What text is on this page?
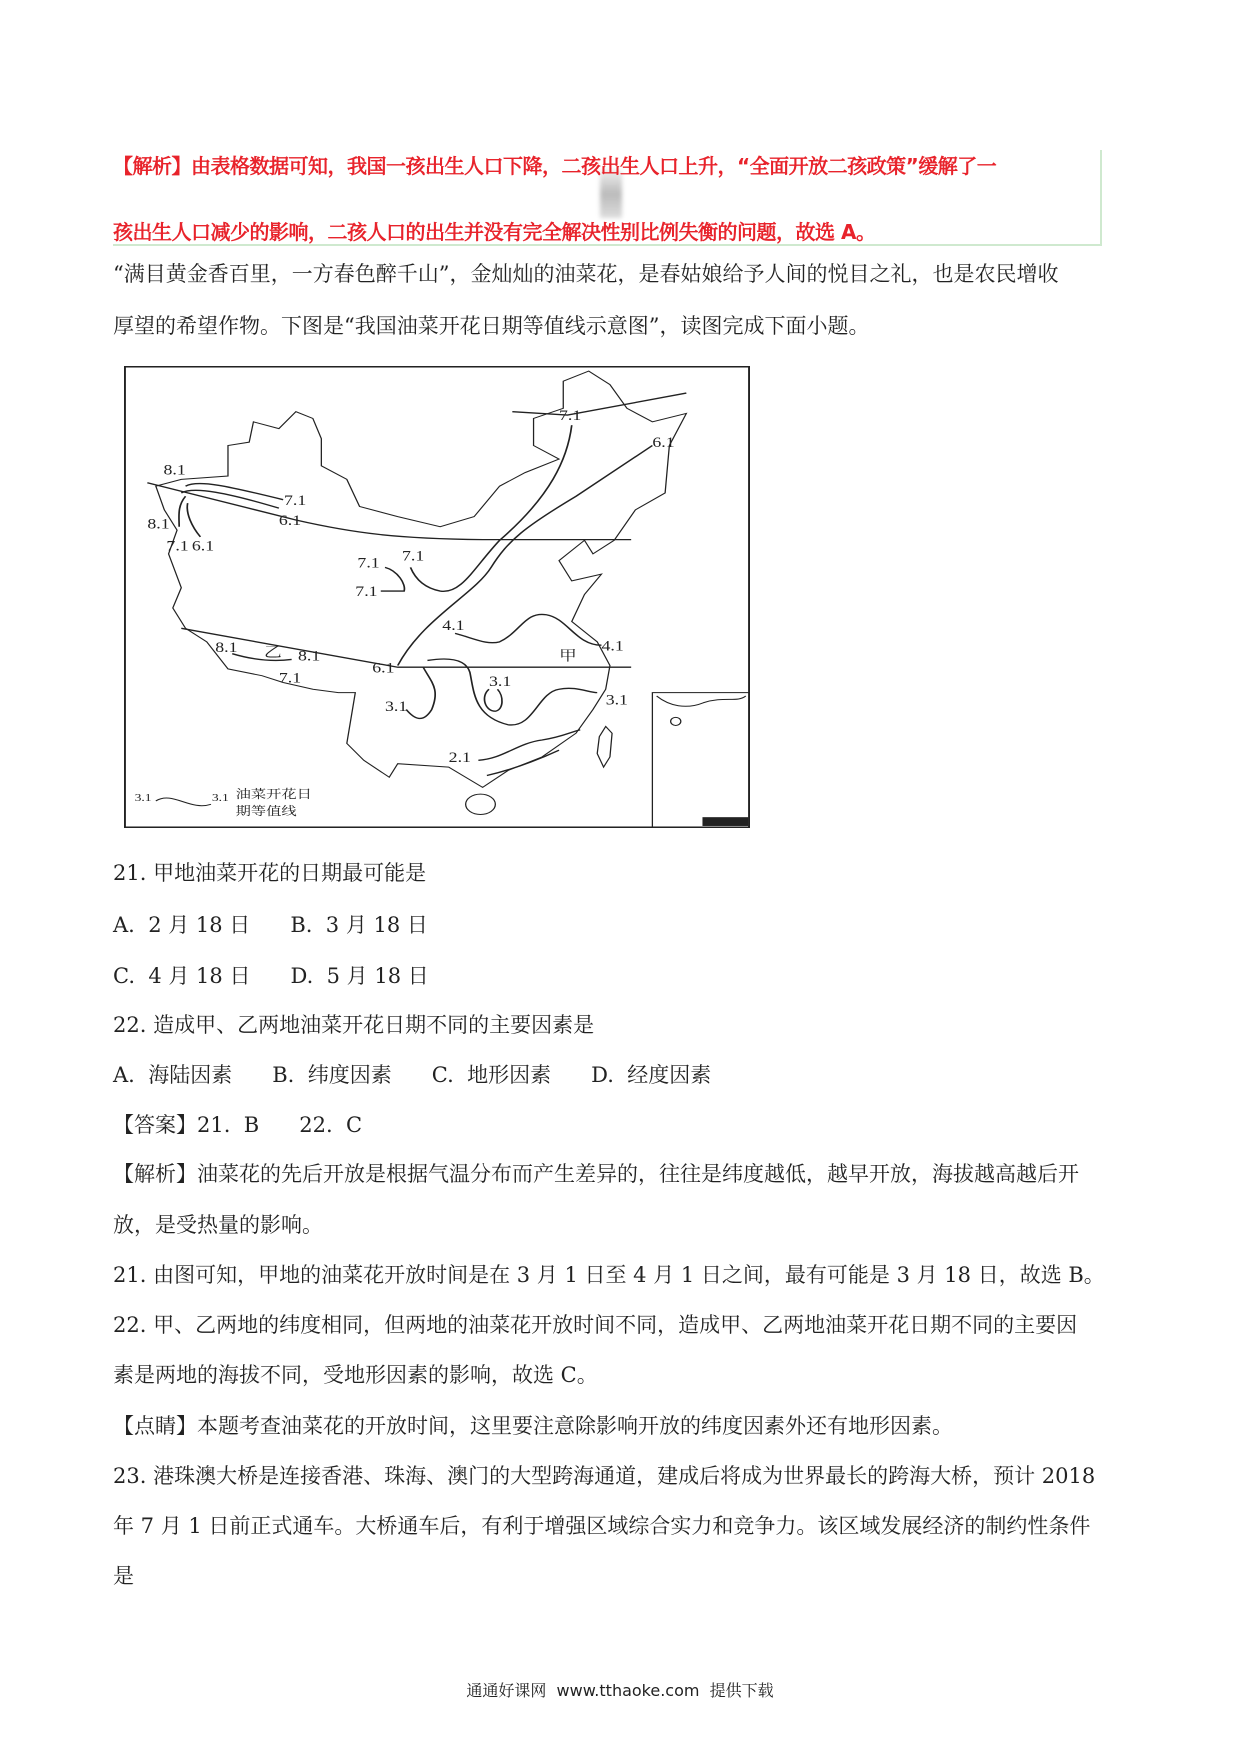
【解析】由表格数据可知，我国一孩出生人口下降，二孩出生人口上升，“全面开放二孩政策”缓解了一
孩出生人口减少的影响，二孩人口的出生并没有完全解决性别比例失衡的问题，故选 A。
“满目黄金香百里，一方春色醉千山”，金灿灿的油菜花，是春姑娘给予人间的悦目之礼，也是农民增收
厚望的希望作物。下图是“我国油菜开花日期等值线示意图”，读图完成下面小题。
7.1
6.1
8.1
7.1
8.1	6.1
7.1 6.1
7.1 7.1
7.1
4.1
4.1
甲
8.1 乙 8.1
7.1
6.1
3.1
3.1	3.1
2.1
3.1 3.1 油菜开花日
期等值线
21. 甲地油菜开花的日期最可能是
A.  2 月 18 日      B.  3 月 18 日
C.  4 月 18 日      D.  5 月 18 日
22. 造成甲、乙两地油菜开花日期不同的主要因素是
A.  海陆因素      B.  纬度因素      C.  地形因素      D.  经度因素
【答案】21.  B      22.  C
【解析】油菜花的先后开放是根据气温分布而产生差异的，往往是纬度越低，越早开放，海拔越高越后开
放，是受热量的影响。
21. 由图可知，甲地的油菜花开放时间是在 3 月 1 日至 4 月 1 日之间，最有可能是 3 月 18 日，故选 B。
22. 甲、乙两地的纬度相同，但两地的油菜花开放时间不同，造成甲、乙两地油菜开花日期不同的主要因
素是两地的海拔不同，受地形因素的影响，故选 C。
【点睛】本题考查油菜花的开放时间，这里要注意除影响开放的纬度因素外还有地形因素。
23. 港珠澳大桥是连接香港、珠海、澳门的大型跨海通道，建成后将成为世界最长的跨海大桥，预计 2018
年 7 月 1 日前正式通车。大桥通车后，有利于增强区域综合实力和竞争力。该区域发展经济的制约性条件
是
通通好课网  www.tthaoke.com  提供下载
